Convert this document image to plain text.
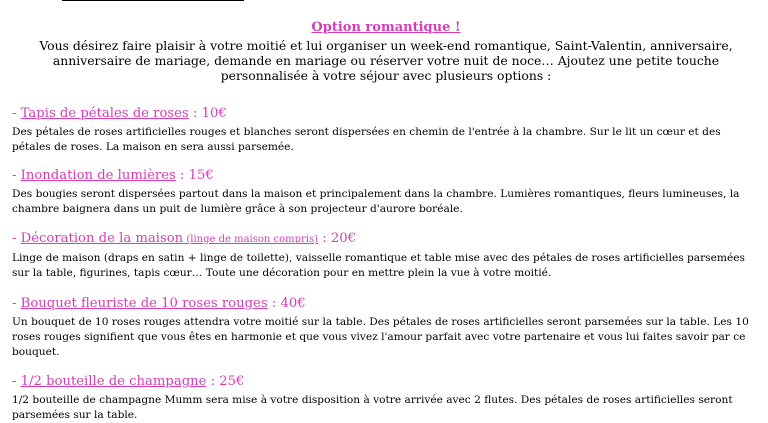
Option romantique !
Vous désirez faire plaisir à votre moitié et lui organiser un week-end romantique, Saint-Valentin, anniversaire, anniversaire de mariage, demande en mariage ou réserver votre nuit de noce… Ajoutez une petite touche personnalisée à votre séjour avec plusieurs options :
- Tapis de pétales de roses : 10€
Des pétales de roses artificielles rouges et blanches seront dispersées en chemin de l'entrée à la chambre. Sur le lit un cœur et des pétales de roses. La maison en sera aussi parsemée.
- Inondation de lumières : 15€
Des bougies seront dispersées partout dans la maison et principalement dans la chambre. Lumières romantiques, fleurs lumineuses, la chambre baignera dans un puit de lumière grâce à son projecteur d'aurore boréale.
- Décoration de la maison (linge de maison compris) : 20€
Linge de maison (draps en satin + linge de toilette), vaisselle romantique et table mise avec des pétales de roses artificielles parsemées sur la table, figurines, tapis cœur… Toute une décoration pour en mettre plein la vue à votre moitié.
- Bouquet fleuriste de 10 roses rouges : 40€
Un bouquet de 10 roses rouges attendra votre moitié sur la table. Des pétales de roses artificielles seront parsemées sur la table. Les 10 roses rouges signifient que vous êtes en harmonie et que vous vivez l'amour parfait avec votre partenaire et vous lui faites savoir par ce bouquet.
- 1/2 bouteille de champagne : 25€
1/2 bouteille de champagne Mumm sera mise à votre disposition à votre arrivée avec 2 flutes. Des pétales de roses artificielles seront parsemées sur la table.
